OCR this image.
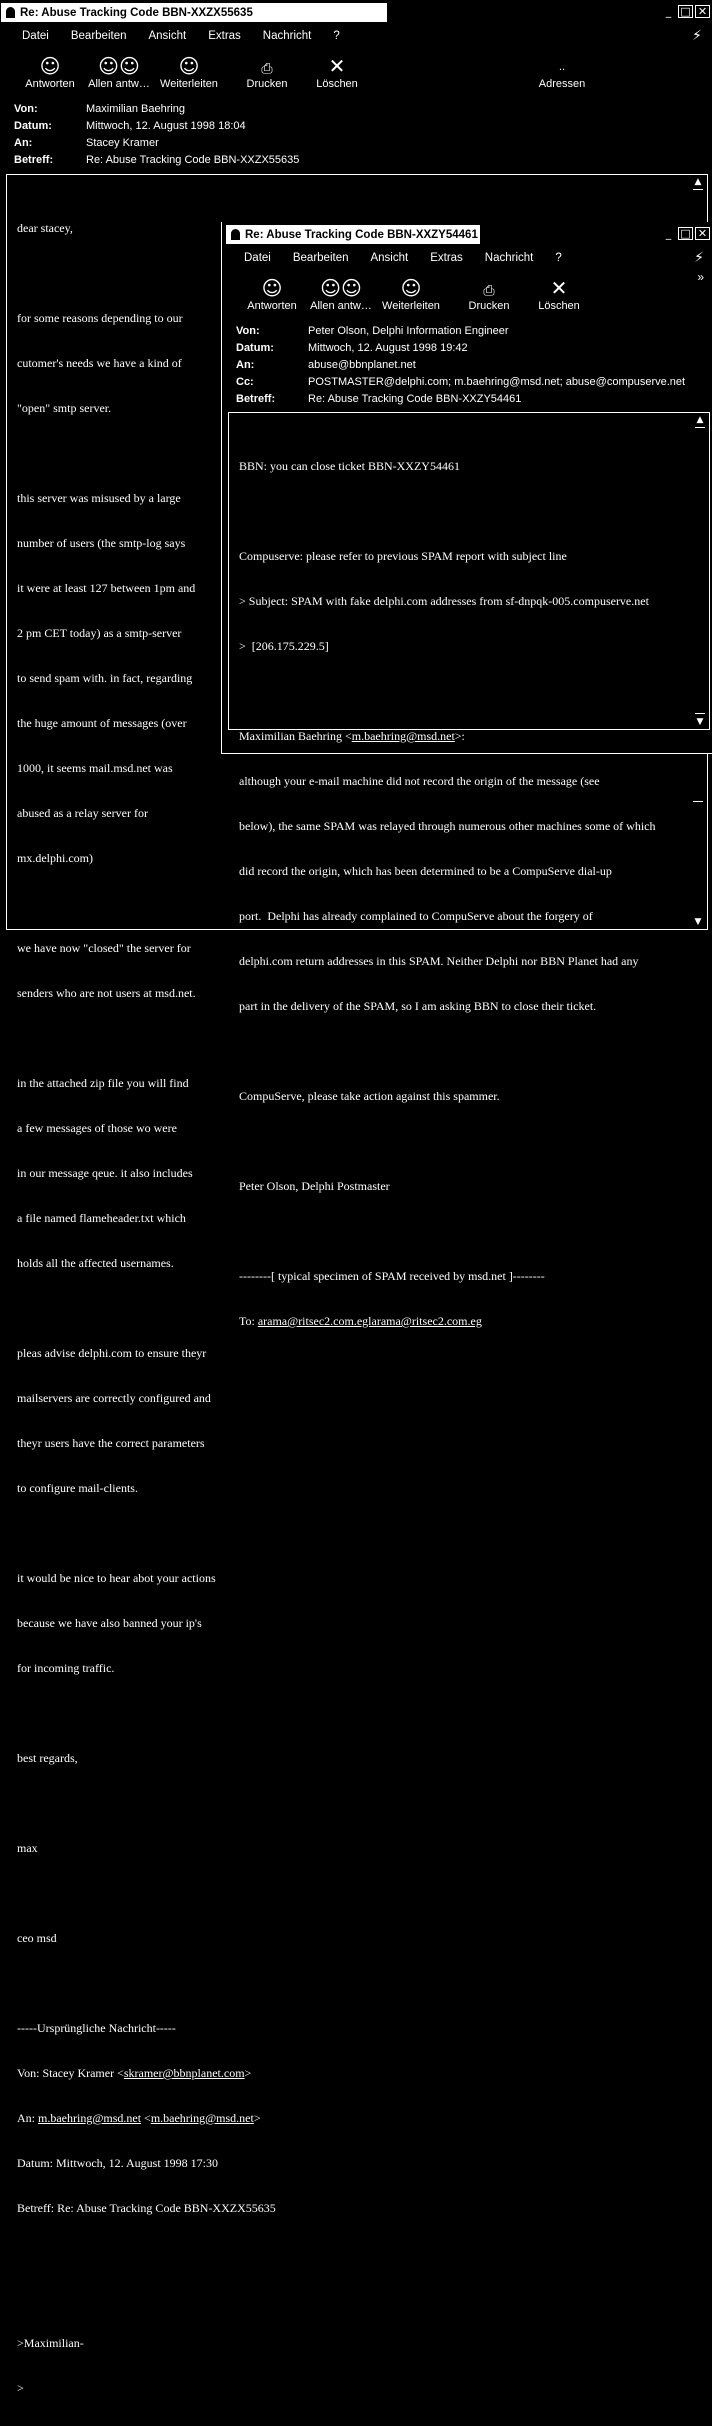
Re: Abuse Tracking Code BBN-XXZX55635	_ □ ✕
Datei Bearbeiten Ansicht Extras Nachricht ?	⚡
☺
Antworten
☺☺
Allen antw…
☺
Weiterleiten
⎙
Drucken
✕
Löschen
··
Adressen
Von:	Maximilian Baehring
Datum:	Mittwoch, 12. August 1998 18:04
An:	Stacey Kramer
Betreff:	Re: Abuse Tracking Code BBN-XXZX55635

dear stacey,

for some reasons depending to our

cutomer's needs we have a kind of

"open" smtp server.

this server was misused by a large

number of users (the smtp-log says

it were at least 127 between 1pm and

2 pm CET today) as a smtp-server

to send spam with. in fact, regarding

the huge amount of messages (over

1000, it seems mail.msd.net was

abused as a relay server for

mx.delphi.com)

we have now "closed" the server for

senders who are not users at msd.net.

in the attached zip file you will find

a few messages of those wo were

in our message qeue. it also includes

a file named flameheader.txt which

holds all the affected usernames.

pleas advise delphi.com to ensure theyr

mailservers are correctly configured and

theyr users have the correct parameters

to configure mail-clients.

it would be nice to hear abot your actions

because we have also banned your ip's

for incoming traffic.

best regards,

max

ceo msd

-----Ursprüngliche Nachricht-----

Von: Stacey Kramer <skramer@bbnplanet.com>

An: m.baehring@msd.net <m.baehring@msd.net>

Datum: Mittwoch, 12. August 1998 17:30

Betreff: Re: Abuse Tracking Code BBN-XXZX55635

>Maximilian-

>

▲
▼
Re: Abuse Tracking Code BBN-XXZY54461	_ □ ✕
Datei Bearbeiten Ansicht Extras Nachricht ?	⚡
»
☺
Antworten
☺☺
Allen antw…
☺
Weiterleiten
⎙
Drucken
✕
Löschen
Von:	Peter Olson, Delphi Information Engineer
Datum:	Mittwoch, 12. August 1998 19:42
An:	abuse@bbnplanet.net
Cc:	POSTMASTER@delphi.com; m.baehring@msd.net; abuse@compuserve.net
Betreff:	Re: Abuse Tracking Code BBN-XXZY54461

BBN: you can close ticket BBN-XXZY54461

Compuserve: please refer to previous SPAM report with subject line

> Subject: SPAM with fake delphi.com addresses from sf-dnpqk-005.compuserve.net

>  [206.175.229.5]

Maximilian Baehring <m.baehring@msd.net>:

although your e-mail machine did not record the origin of the message (see

below), the same SPAM was relayed through numerous other machines some of which

did record the origin, which has been determined to be a CompuServe dial-up

port.  Delphi has already complained to CompuServe about the forgery of

delphi.com return addresses in this SPAM. Neither Delphi nor BBN Planet had any

part in the delivery of the SPAM, so I am asking BBN to close their ticket.

CompuServe, please take action against this spammer.

Peter Olson, Delphi Postmaster

--------[ typical specimen of SPAM received by msd.net ]--------

To: arama@ritsec2.com.eglarama@ritsec2.com.eg

▲
▼
